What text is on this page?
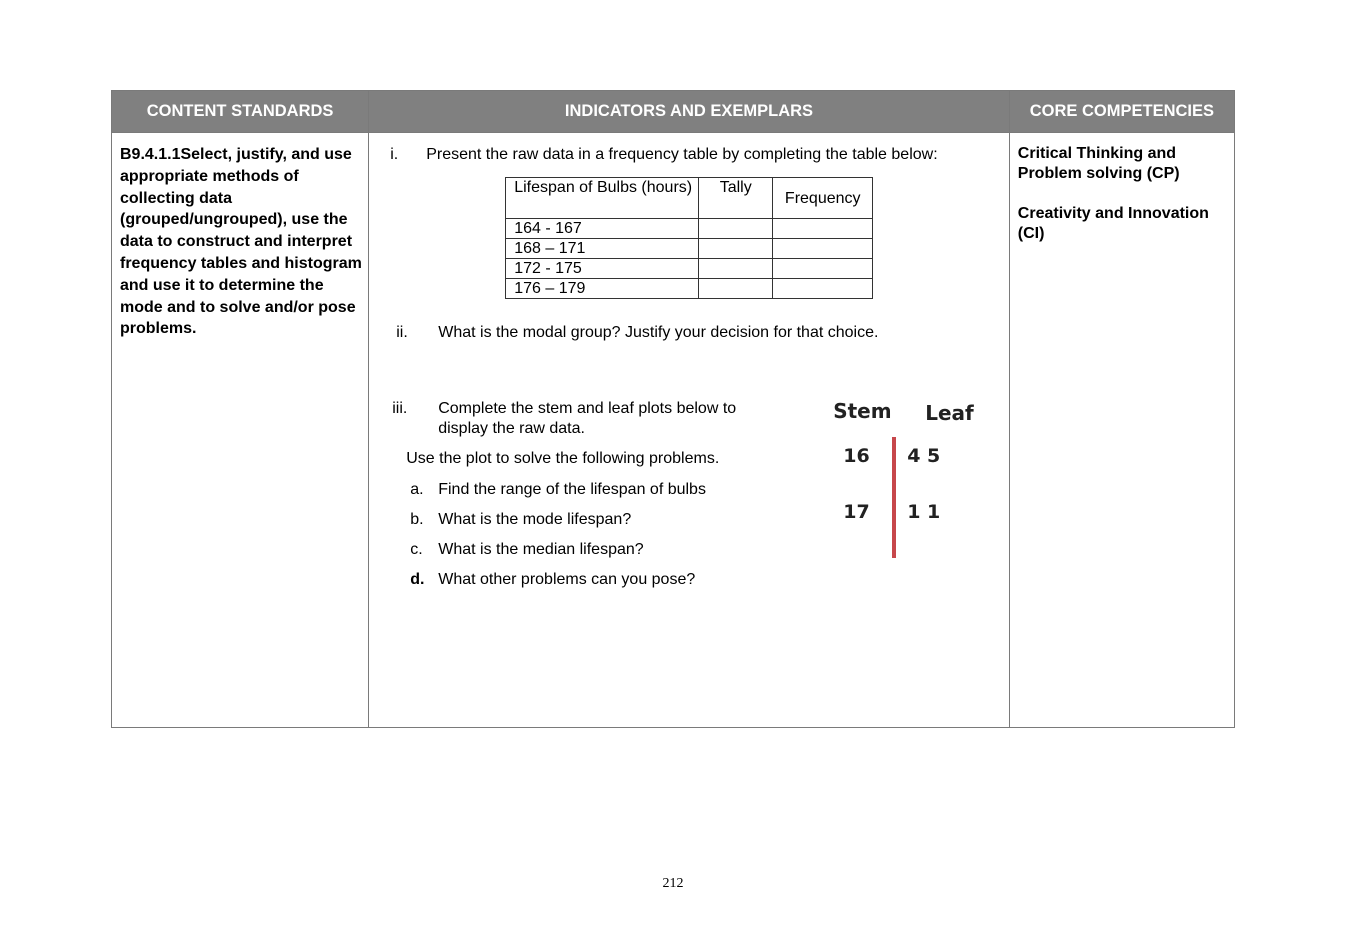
CONTENT STANDARDS	INDICATORS AND EXEMPLARS	CORE COMPETENCIES

B9.4.1.1Select, justify, and use appropriate methods of collecting data (grouped/ungrouped), use the data to construct and interpret frequency tables and histogram and use it to determine the mode and to solve and/or pose problems.

i. Present the raw data in a frequency table by completing the table below:
Lifespan of Bulbs (hours)	Tally	Frequency
164 - 167		
168 – 171		
172 - 175		
176 – 179		
ii. What is the modal group? Justify your decision for that choice.
iii. Complete the stem and leaf plots below to
display the raw data.
Use the plot to solve the following problems.
a. Find the range of the lifespan of bulbs
b. What is the mode lifespan?
c. What is the median lifespan?
d. What other problems can you pose?
Stem Leaf
16 4 5
17 1 1

Critical Thinking and Problem solving (CP)

Creativity and Innovation (CI)

212
